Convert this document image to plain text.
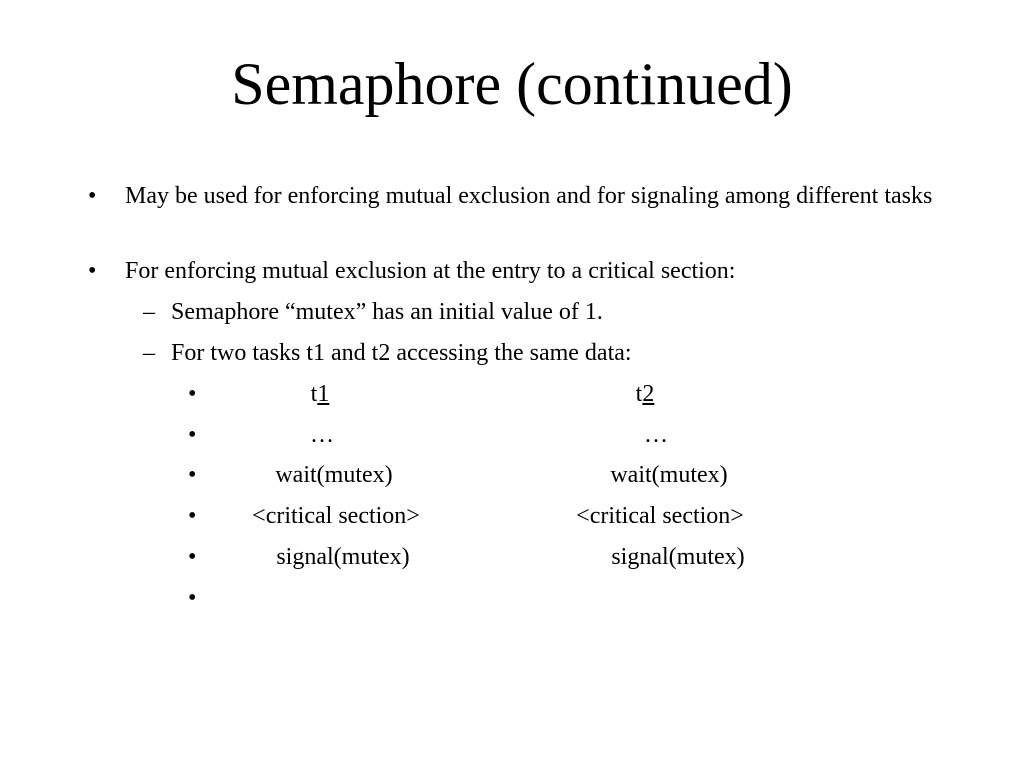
Semaphore (continued)
• May be used for enforcing mutual exclusion and for signaling among different tasks
• For enforcing mutual exclusion at the entry to a critical section:
– Semaphore “mutex” has an initial value of 1.
– For two tasks t1 and t2 accessing the same data:
•	t1	t2
•	…	…
•	wait(mutex)	wait(mutex)
• <critical section>	<critical section>
•	signal(mutex)	signal(mutex)
•
